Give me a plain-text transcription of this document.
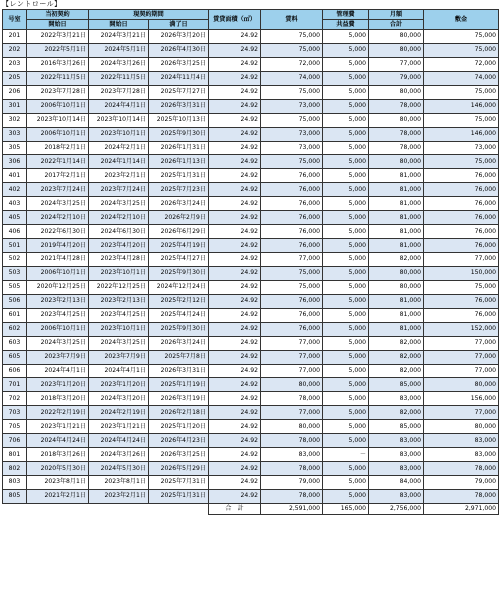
【レントロール】
号室	当初契約	現契約期間		賃貸面積（㎡）	賃料	管理費	月額	敷金
	開始日	開始日	満了日			共益費	合計	
201	2022年3月21日	2024年3月21日	2026年3月20日	24.92	75,000	5,000	80,000	75,000
202	2022年5月1日	2024年5月1日	2026年4月30日	24.92	75,000	5,000	80,000	75,000
203	2016年3月26日	2024年3月26日	2026年3月25日	24.92	72,000	5,000	77,000	72,000
205	2022年11月5日	2022年11月5日	2024年11月4日	24.92	74,000	5,000	79,000	74,000
206	2023年7月28日	2023年7月28日	2025年7月27日	24.92	75,000	5,000	80,000	75,000
301	2006年10月1日	2024年4月1日	2026年3月31日	24.92	73,000	5,000	78,000	146,000
302	2023年10月14日	2023年10月14日	2025年10月13日	24.92	75,000	5,000	80,000	75,000
303	2006年10月1日	2023年10月1日	2025年9月30日	24.92	73,000	5,000	78,000	146,000
305	2018年2月1日	2024年2月1日	2026年1月31日	24.92	73,000	5,000	78,000	73,000
306	2022年1月14日	2024年1月14日	2026年1月13日	24.92	75,000	5,000	80,000	75,000
401	2017年2月1日	2023年2月1日	2025年1月31日	24.92	76,000	5,000	81,000	76,000
402	2023年7月24日	2023年7月24日	2025年7月23日	24.92	76,000	5,000	81,000	76,000
403	2024年3月25日	2024年3月25日	2026年3月24日	24.92	76,000	5,000	81,000	76,000
405	2024年2月10日	2024年2月10日	2026年2月9日	24.92	76,000	5,000	81,000	76,000
406	2022年6月30日	2024年6月30日	2026年6月29日	24.92	76,000	5,000	81,000	76,000
501	2019年4月20日	2023年4月20日	2025年4月19日	24.92	76,000	5,000	81,000	76,000
502	2021年4月28日	2023年4月28日	2025年4月27日	24.92	77,000	5,000	82,000	77,000
503	2006年10月1日	2023年10月1日	2025年9月30日	24.92	75,000	5,000	80,000	150,000
505	2020年12月25日	2022年12月25日	2024年12月24日	24.92	75,000	5,000	80,000	75,000
506	2023年2月13日	2023年2月13日	2025年2月12日	24.92	76,000	5,000	81,000	76,000
601	2023年4月25日	2023年4月25日	2025年4月24日	24.92	76,000	5,000	81,000	76,000
602	2006年10月1日	2023年10月1日	2025年9月30日	24.92	76,000	5,000	81,000	152,000
603	2024年3月25日	2024年3月25日	2026年3月24日	24.92	77,000	5,000	82,000	77,000
605	2023年7月9日	2023年7月9日	2025年7月8日	24.92	77,000	5,000	82,000	77,000
606	2024年4月1日	2024年4月1日	2026年3月31日	24.92	77,000	5,000	82,000	77,000
701	2023年1月20日	2023年1月20日	2025年1月19日	24.92	80,000	5,000	85,000	80,000
702	2018年3月20日	2024年3月20日	2026年3月19日	24.92	78,000	5,000	83,000	156,000
703	2022年2月19日	2024年2月19日	2026年2月18日	24.92	77,000	5,000	82,000	77,000
705	2023年1月21日	2023年1月21日	2025年1月20日	24.92	80,000	5,000	85,000	80,000
706	2024年4月24日	2024年4月24日	2026年4月23日	24.92	78,000	5,000	83,000	83,000
801	2018年3月26日	2024年3月26日	2026年3月25日	24.92	83,000	－	83,000	83,000
802	2020年5月30日	2024年5月30日	2026年5月29日	24.92	78,000	5,000	83,000	78,000
803	2023年8月1日	2023年8月1日	2025年7月31日	24.92	79,000	5,000	84,000	79,000
805	2021年2月1日	2023年2月1日	2025年1月31日	24.92	78,000	5,000	83,000	78,000
				合　計	2,591,000	165,000	2,756,000	2,971,000
